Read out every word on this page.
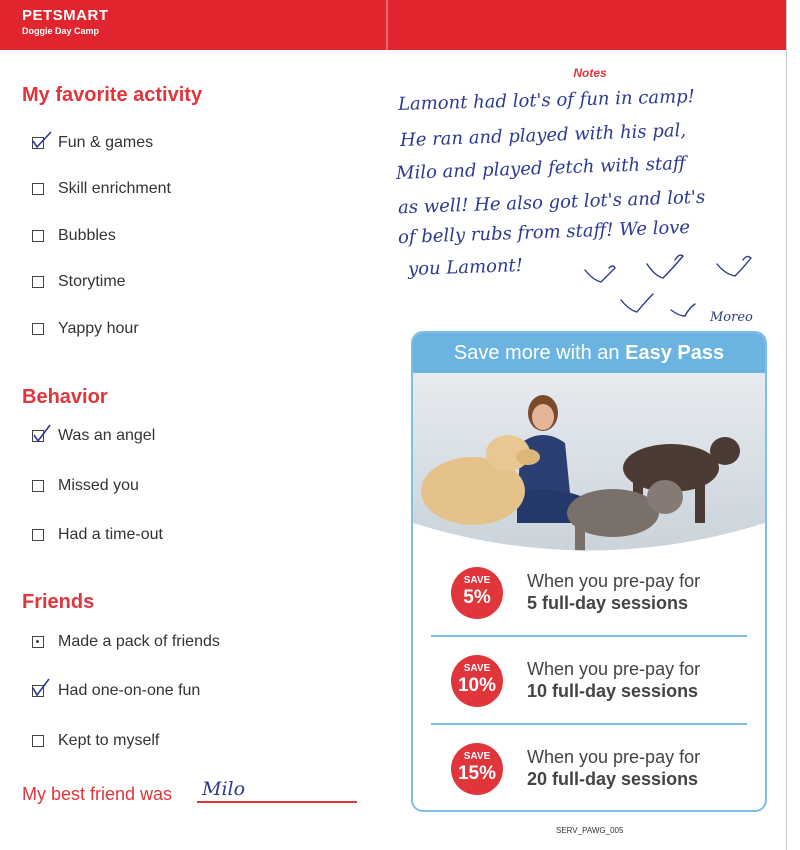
PETSMART
Doggie Day Camp
My favorite activity
Fun & games
Skill enrichment
Bubbles
Storytime
Yappy hour
Behavior
Was an angel
Missed you
Had a time-out
Friends
Made a pack of friends
Had one-on-one fun
Kept to myself
My best friend was Milo
Notes
Lamont had lot's of fun in camp!
He ran and played with his pal,
Milo and played fetch with staff
as well! He also got lot's and lot's
of belly rubs from staff! We love
you Lamont!
Moreo
Save more with an Easy Pass
SAVE
5%
When you pre-pay for
5 full-day sessions
SAVE
10%
When you pre-pay for
10 full-day sessions
SAVE
15%
When you pre-pay for
20 full-day sessions
SERV_PAWG_005
